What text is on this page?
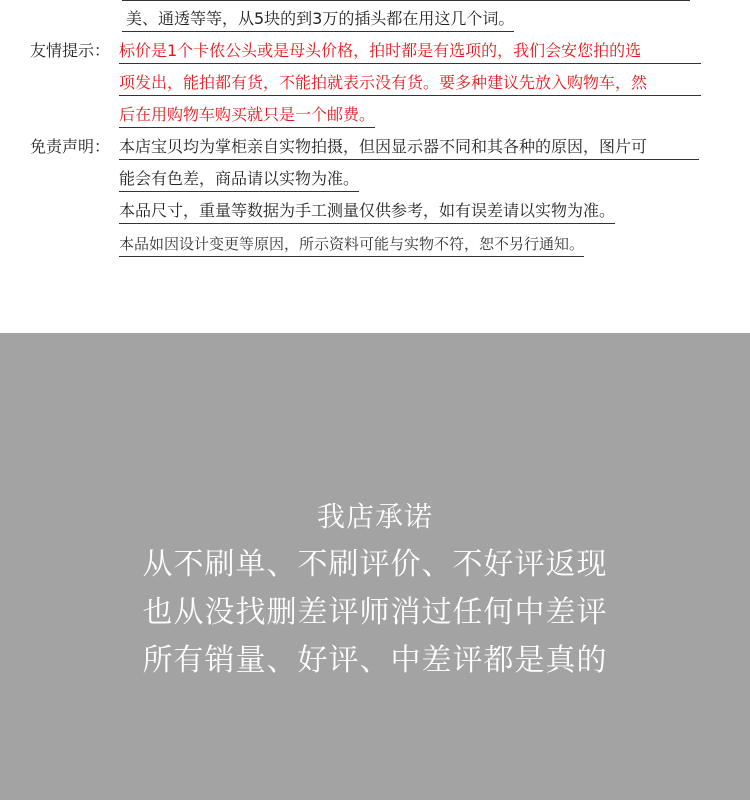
美、通透等等，从5块的到3万的插头都在用这几个词。
友情提示： 标价是1个卡侬公头或是母头价格，拍时都是有选项的，我们会安您拍的选
项发出，能拍都有货，不能拍就表示没有货。要多种建议先放入购物车，然
后在用购物车购买就只是一个邮费。
免责声明： 本店宝贝均为掌柜亲自实物拍摄，但因显示器不同和其各种的原因，图片可
能会有色差，商品请以实物为准。
本品尺寸，重量等数据为手工测量仅供参考，如有误差请以实物为准。
本品如因设计变更等原因，所示资料可能与实物不符，恕不另行通知。
我店承诺
从不刷单、不刷评价、不好评返现
也从没找删差评师消过任何中差评
所有销量、好评、中差评都是真的
